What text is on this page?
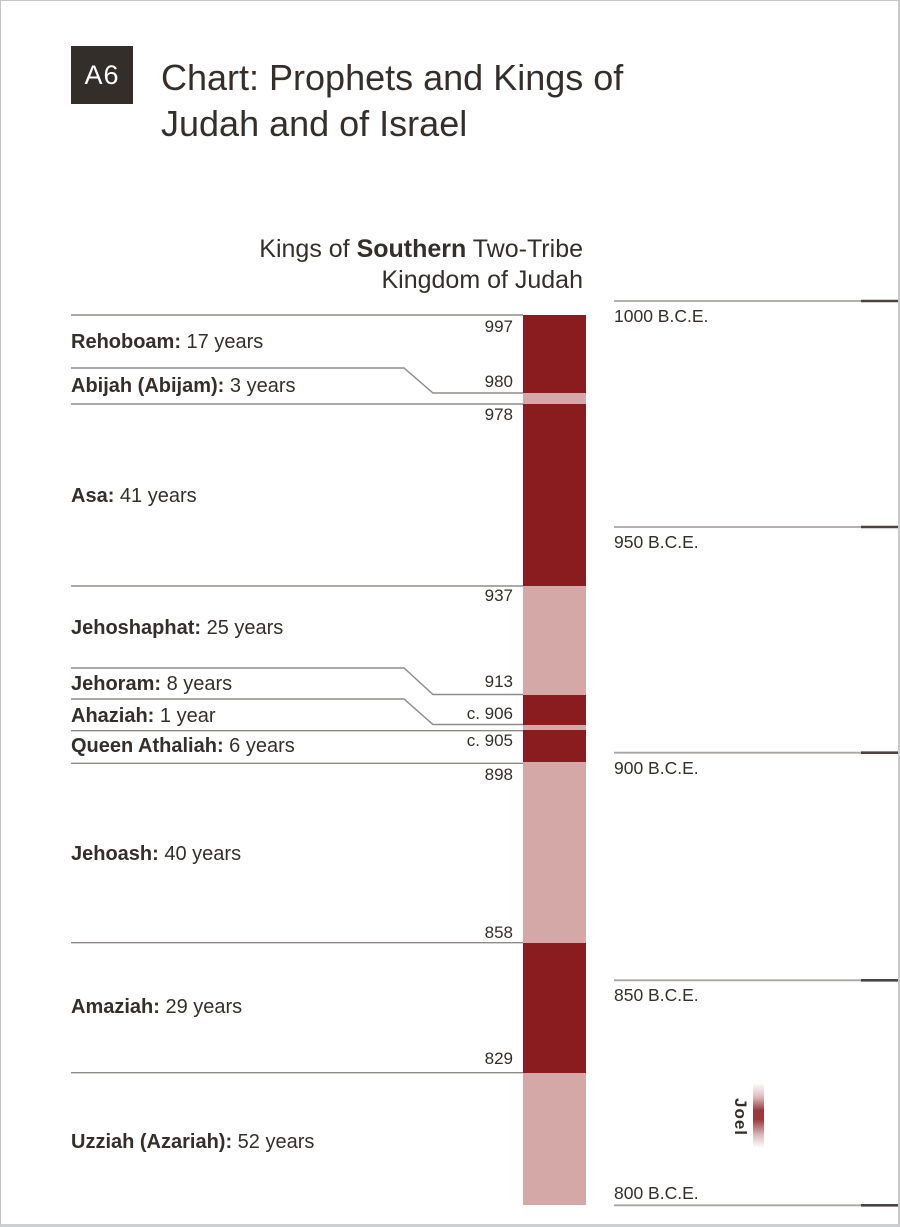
A6	Chart: Prophets and Kings of
Judah and of Israel
Kings of Southern Two-Tribe
Kingdom of Judah
Rehoboam: 17 years
Abijah (Abijam): 3 years
Asa: 41 years
Jehoshaphat: 25 years
Jehoram: 8 years
Ahaziah: 1 year
Queen Athaliah: 6 years
Jehoash: 40 years
Amaziah: 29 years
Uzziah (Azariah): 52 years
997
980
978
937
913
c. 906
c. 905
898
858
829
1000 B.C.E.
950 B.C.E.
900 B.C.E.
850 B.C.E.
800 B.C.E.
Joel
